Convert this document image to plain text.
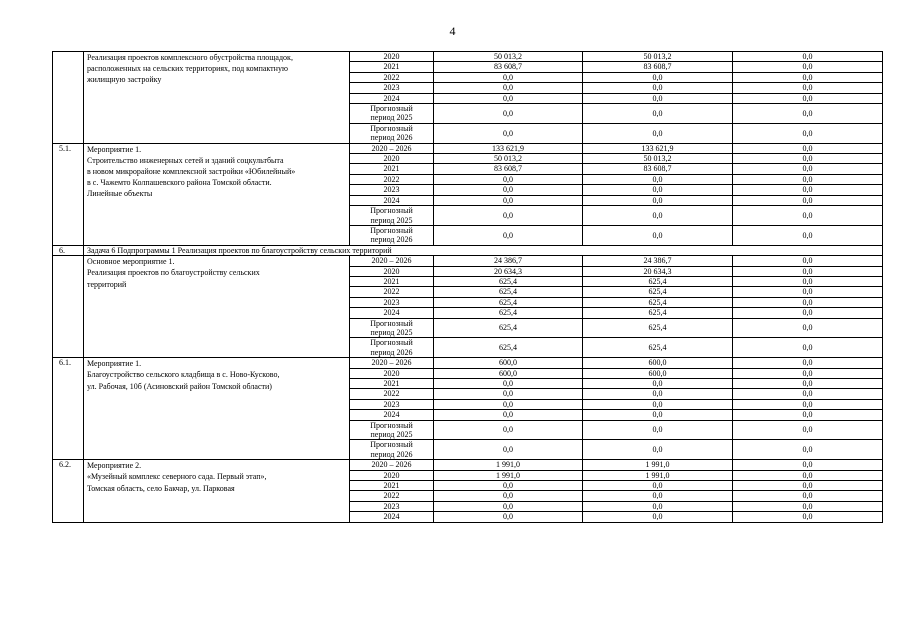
4

	Реализация проектов комплексного обустройства площадок,
расположенных на сельских территориях, под компактную
жилищную застройку	2020	50 013,2	50 013,2	0,0
		2021	83 608,7	83 608,7	0,0
		2022	0,0	0,0	0,0
		2023	0,0	0,0	0,0
		2024	0,0	0,0	0,0

		Прогнозный
период 2025	0,0	0,0	0,0

		Прогнозный
период 2026	0,0	0,0	0,0
5.1.	Мероприятие 1.
Строительство инженерных сетей и зданий соцкультбыта
в новом микрорайоне комплексной застройки «Юбилейный»
в с. Чажемто Колпашевского района Томской области.
Линейные объекты	2020 – 2026	133 621,9	133 621,9	0,0
		2020	50 013,2	50 013,2	0,0
		2021	83 608,7	83 608,7	0,0
		2022	0,0	0,0	0,0
		2023	0,0	0,0	0,0
		2024	0,0	0,0	0,0

		Прогнозный
период 2025	0,0	0,0	0,0

		Прогнозный
период 2026	0,0	0,0	0,0
6.	Задача 6 Подпрограммы 1 Реализация проектов по благоустройству сельских территорий				

	Основное мероприятие 1.
Реализация проектов по благоустройству сельских
территорий	2020 – 2026	24 386,7	24 386,7	0,0
		2020	20 634,3	20 634,3	0,0
		2021	625,4	625,4	0,0
		2022	625,4	625,4	0,0
		2023	625,4	625,4	0,0
		2024	625,4	625,4	0,0

		Прогнозный
период 2025	625,4	625,4	0,0

		Прогнозный
период 2026	625,4	625,4	0,0
6.1.	Мероприятие 1.
Благоустройство сельского кладбища в с. Ново-Кусково,
ул. Рабочая, 10б (Асиновский район Томской области)	2020 – 2026	600,0	600,0	0,0
		2020	600,0	600,0	0,0
		2021	0,0	0,0	0,0
		2022	0,0	0,0	0,0
		2023	0,0	0,0	0,0
		2024	0,0	0,0	0,0

		Прогнозный
период 2025	0,0	0,0	0,0

		Прогнозный
период 2026	0,0	0,0	0,0
6.2.	Мероприятие 2.
«Музейный комплекс северного сада. Первый этап»,
Томская область, село Бакчар, ул. Парковая	2020 – 2026	1 991,0	1 991,0	0,0
		2020	1 991,0	1 991,0	0,0
		2021	0,0	0,0	0,0
		2022	0,0	0,0	0,0
		2023	0,0	0,0	0,0
		2024	0,0	0,0	0,0
